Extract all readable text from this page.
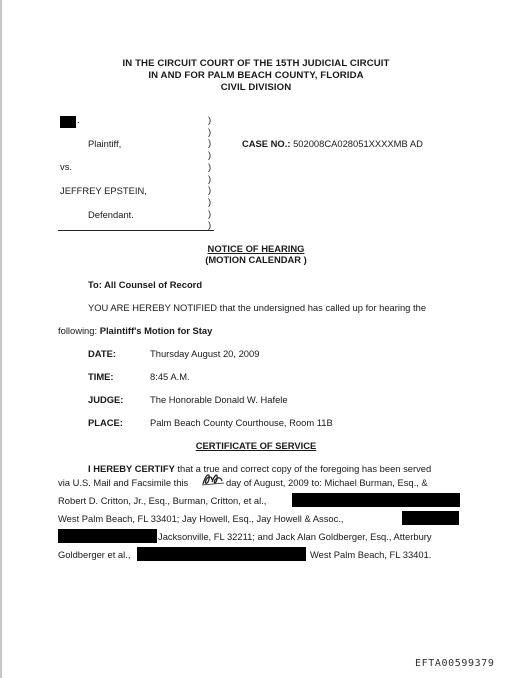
IN THE CIRCUIT COURT OF THE 15TH JUDICIAL CIRCUIT
IN AND FOR PALM BEACH COUNTY, FLORIDA
CIVIL DIVISION
.
Plaintiff,
vs.
JEFFREY EPSTEIN,
Defendant.
)
)
)
)
)
)
)
)
)
)
CASE NO.: 502008CA028051XXXXMB AD
NOTICE OF HEARING
(MOTION CALENDAR )
To: All Counsel of Record
YOU ARE HEREBY NOTIFIED that the undersigned has called up for hearing the
following: Plaintiff's Motion for Stay
DATE:	Thursday August 20, 2009
TIME:	8:45 A.M.
JUDGE:	The Honorable Donald W. Hafele
PLACE:	Palm Beach County Courthouse, Room 11B
CERTIFICATE OF SERVICE
I HEREBY CERTIFY that a true and correct copy of the foregoing has been served
via U.S. Mail and Facsimile this	day of August, 2009 to: Michael Burman, Esq., &
Robert D. Critton, Jr., Esq., Burman, Critton, et al.,
West Palm Beach, FL 33401; Jay Howell, Esq., Jay Howell & Assoc.,
Jacksonville, FL 32211; and Jack Alan Goldberger, Esq., Atterbury
Goldberger et al.,	West Palm Beach, FL 33401.
EFTA00599379
